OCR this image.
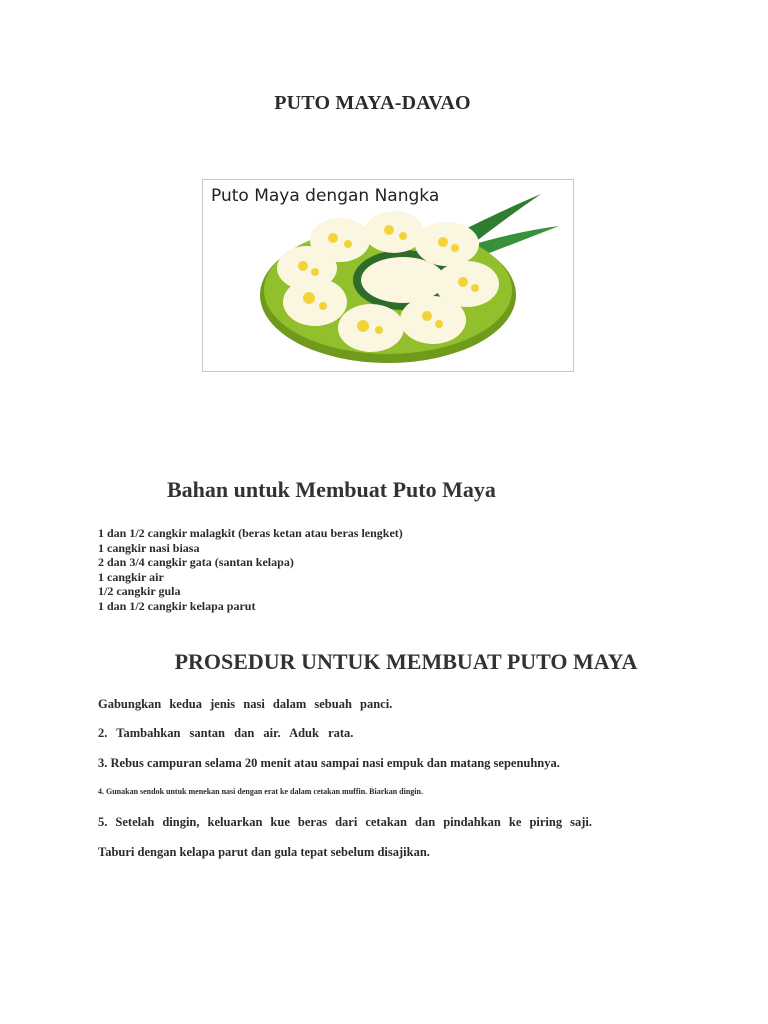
PUTO MAYA-DAVAO
Puto Maya dengan Nangka
Bahan untuk Membuat Puto Maya
1 dan 1/2 cangkir malagkit (beras ketan atau beras lengket)
1 cangkir nasi biasa
2 dan 3/4 cangkir gata (santan kelapa)
1 cangkir air
1/2 cangkir gula
1 dan 1/2 cangkir kelapa parut
PROSEDUR UNTUK MEMBUAT PUTO MAYA

Gabungkan kedua jenis nasi dalam sebuah panci.

2. Tambahkan santan dan air. Aduk rata.

3. Rebus campuran selama 20 menit atau sampai nasi empuk dan matang sepenuhnya.

4. Gunakan sendok untuk menekan nasi dengan erat ke dalam cetakan muffin. Biarkan dingin.

5. Setelah dingin, keluarkan kue beras dari cetakan dan pindahkan ke piring saji.

Taburi dengan kelapa parut dan gula tepat sebelum disajikan.
